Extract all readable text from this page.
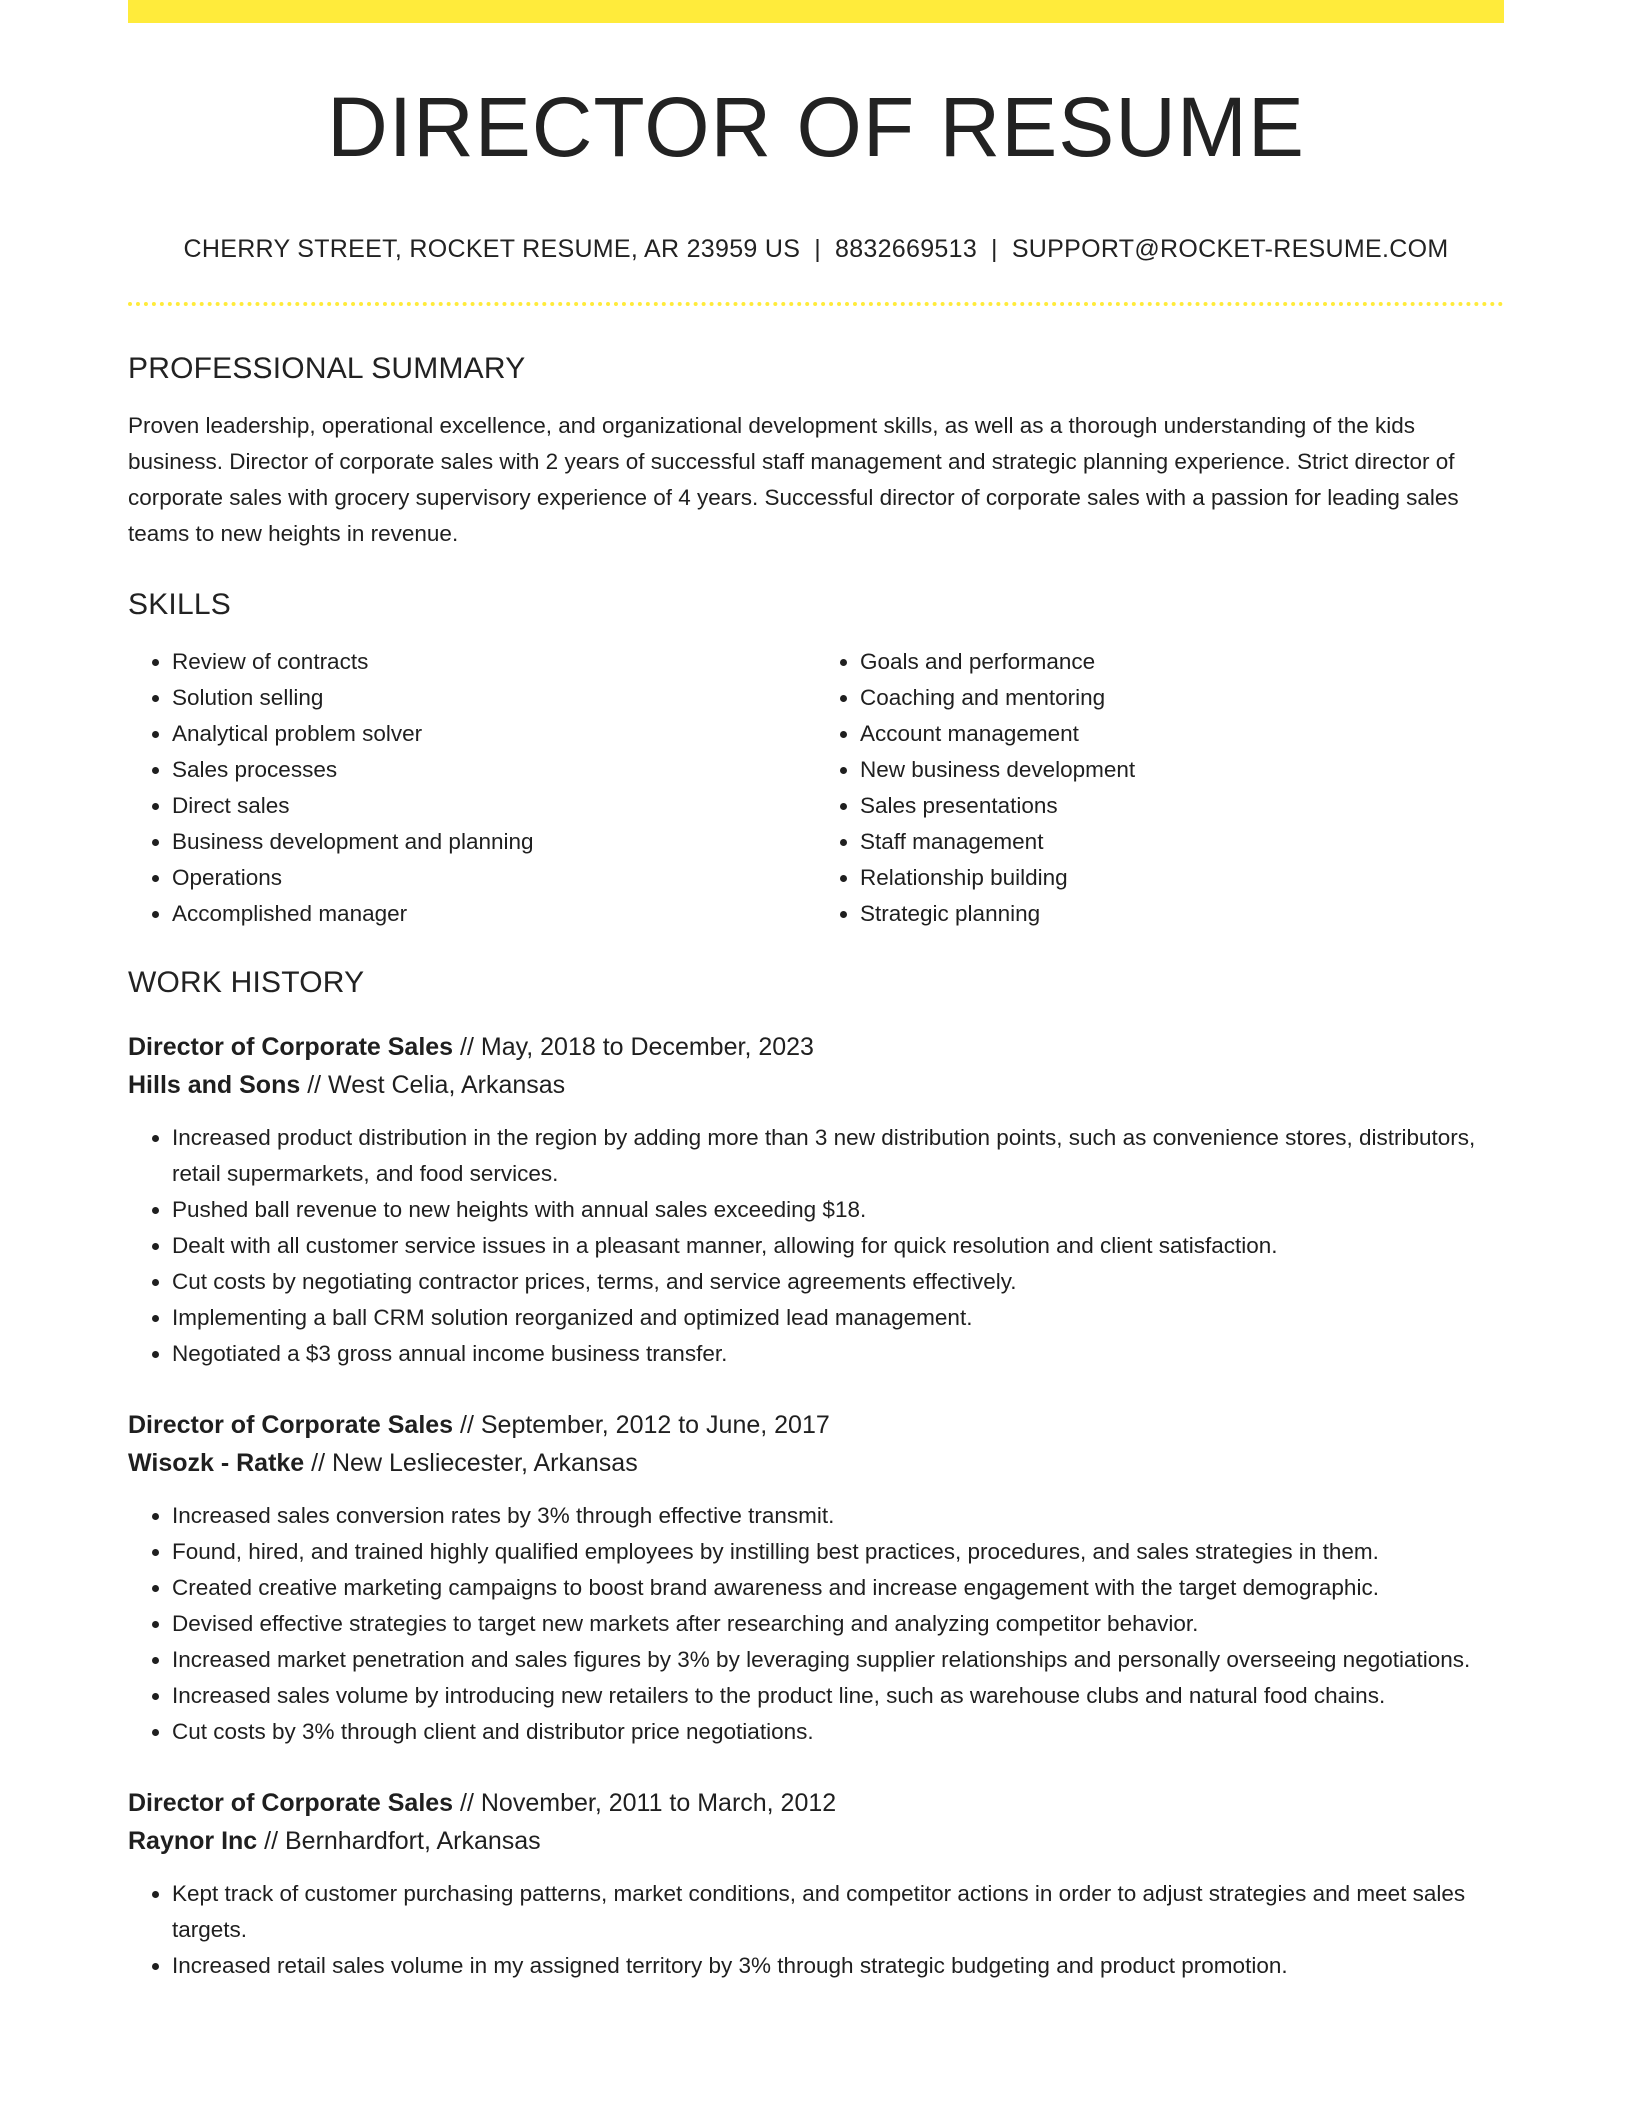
DIRECTOR OF RESUME
CHERRY STREET, ROCKET RESUME, AR 23959 US | 8832669513 | SUPPORT@ROCKET-RESUME.COM
PROFESSIONAL SUMMARY

Proven leadership, operational excellence, and organizational development skills, as well as a thorough understanding of the kids business. Director of corporate sales with 2 years of successful staff management and strategic planning experience. Strict director of corporate sales with grocery supervisory experience of 4 years. Successful director of corporate sales with a passion for leading sales teams to new heights in revenue.

SKILLS
• Review of contracts
• Solution selling
• Analytical problem solver
• Sales processes
• Direct sales
• Business development and planning
• Operations
• Accomplished manager
• Goals and performance
• Coaching and mentoring
• Account management
• New business development
• Sales presentations
• Staff management
• Relationship building
• Strategic planning
WORK HISTORY
Director of Corporate Sales // May, 2018 to December, 2023
Hills and Sons // West Celia, Arkansas
• Increased product distribution in the region by adding more than 3 new distribution points, such as convenience stores, distributors, retail supermarkets, and food services.
• Pushed ball revenue to new heights with annual sales exceeding $18.
• Dealt with all customer service issues in a pleasant manner, allowing for quick resolution and client satisfaction.
• Cut costs by negotiating contractor prices, terms, and service agreements effectively.
• Implementing a ball CRM solution reorganized and optimized lead management.
• Negotiated a $3 gross annual income business transfer.
Director of Corporate Sales // September, 2012 to June, 2017
Wisozk - Ratke // New Lesliecester, Arkansas
• Increased sales conversion rates by 3% through effective transmit.
• Found, hired, and trained highly qualified employees by instilling best practices, procedures, and sales strategies in them.
• Created creative marketing campaigns to boost brand awareness and increase engagement with the target demographic.
• Devised effective strategies to target new markets after researching and analyzing competitor behavior.
• Increased market penetration and sales figures by 3% by leveraging supplier relationships and personally overseeing negotiations.
• Increased sales volume by introducing new retailers to the product line, such as warehouse clubs and natural food chains.
• Cut costs by 3% through client and distributor price negotiations.
Director of Corporate Sales // November, 2011 to March, 2012
Raynor Inc // Bernhardfort, Arkansas
• Kept track of customer purchasing patterns, market conditions, and competitor actions in order to adjust strategies and meet sales targets.
• Increased retail sales volume in my assigned territory by 3% through strategic budgeting and product promotion.
